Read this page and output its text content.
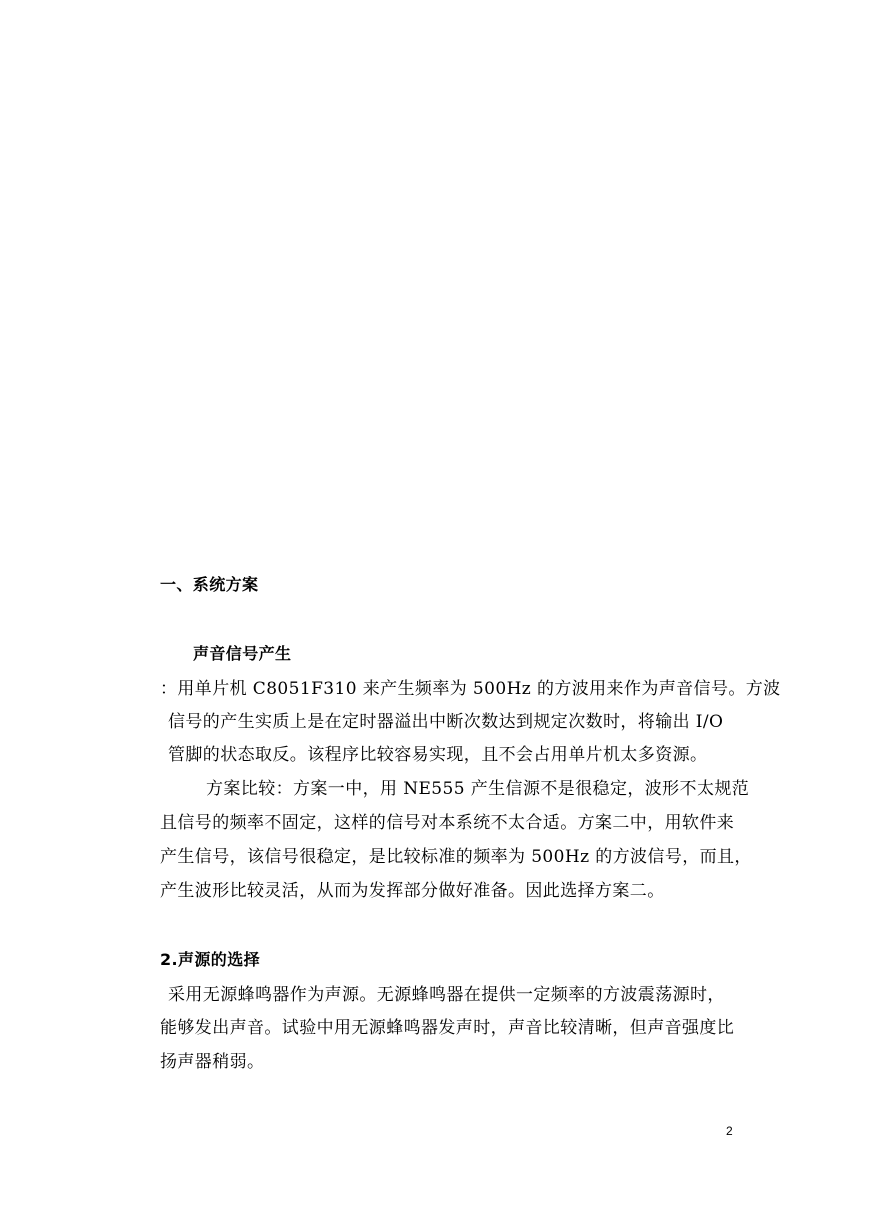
一、系统方案
声音信号产生
：用单片机 C8051F310 来产生频率为 500Hz 的方波用来作为声音信号。方波
信号的产生实质上是在定时器溢出中断次数达到规定次数时，将输出 I/O
管脚的状态取反。该程序比较容易实现，且不会占用单片机太多资源。
方案比较：方案一中，用 NE555 产生信源不是很稳定，波形不太规范
且信号的频率不固定，这样的信号对本系统不太合适。方案二中，用软件来
产生信号，该信号很稳定，是比较标准的频率为 500Hz 的方波信号，而且，
产生波形比较灵活，从而为发挥部分做好准备。因此选择方案二。
2.声源的选择
采用无源蜂鸣器作为声源。无源蜂鸣器在提供一定频率的方波震荡源时，
能够发出声音。试验中用无源蜂鸣器发声时，声音比较清晰，但声音强度比
扬声器稍弱。
2
